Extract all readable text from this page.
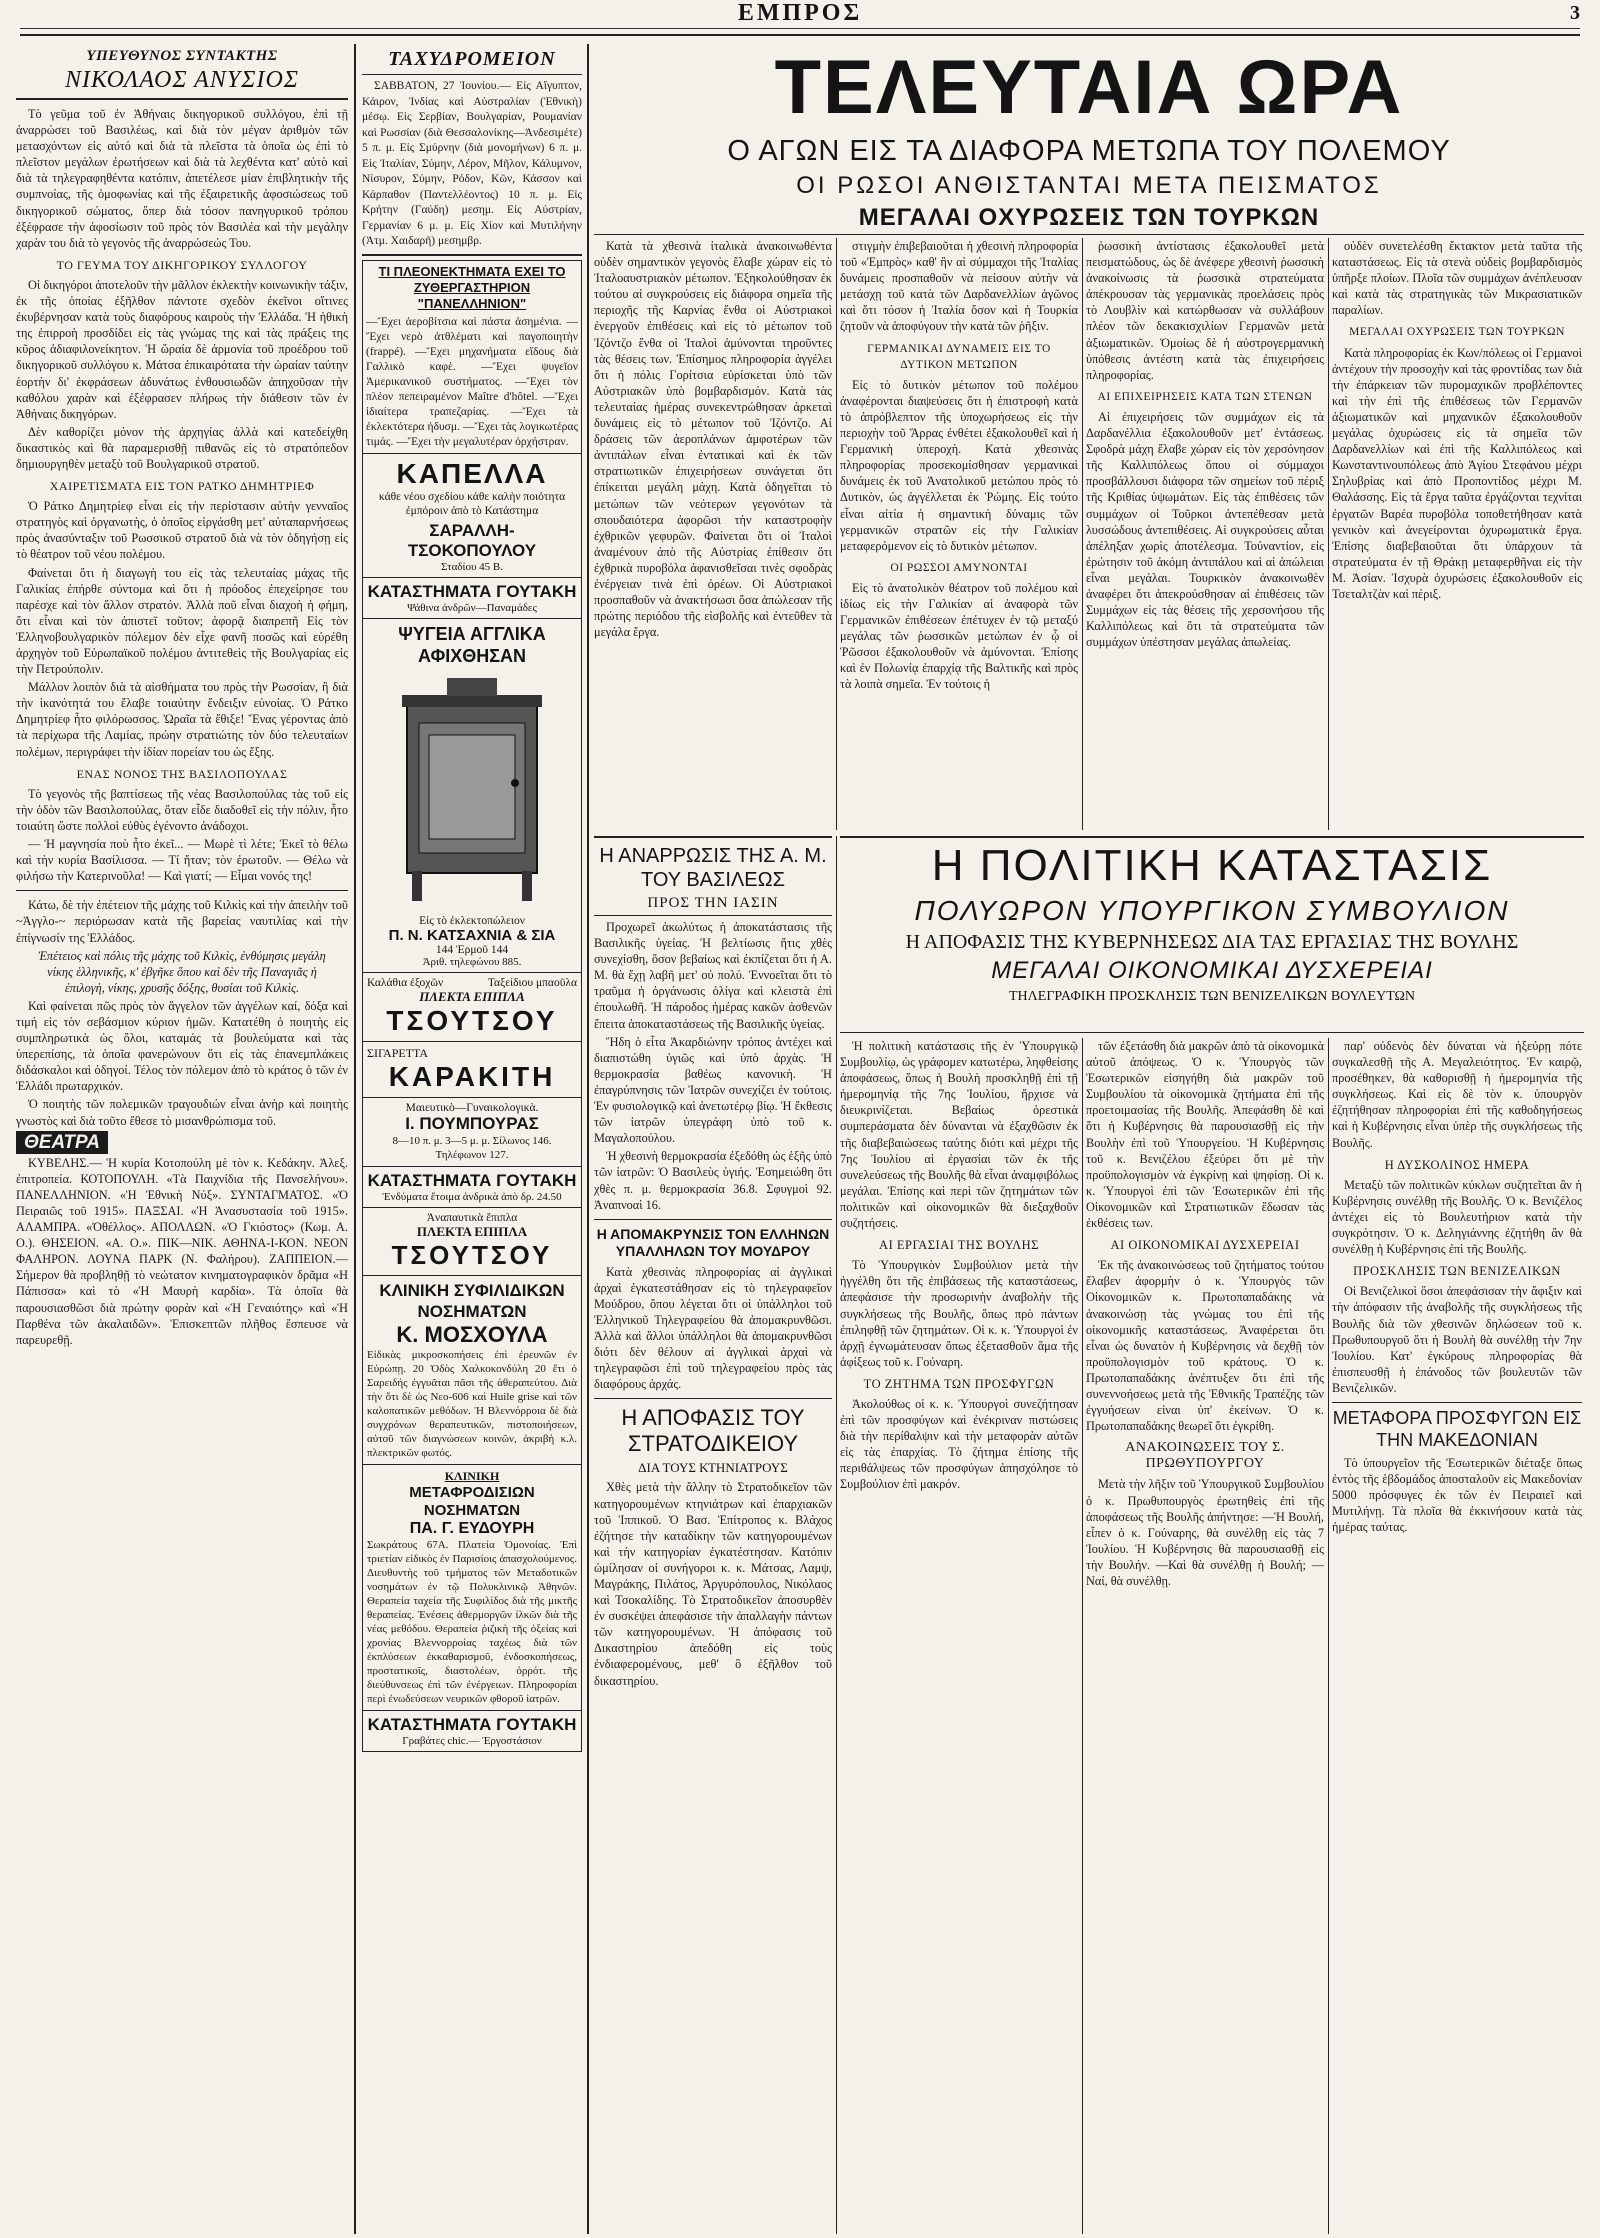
ΕΜΠΡΟΣ	3
ΥΠΕΥΘΥΝΟΣ ΣΥΝΤΑΚΤΗΣ
ΝΙΚΟΛΑΟΣ ΑΝΥΣΙΟΣ

Τὸ γεῦμα τοῦ ἐν Ἀθήναις δικηγορικοῦ συλλόγου, ἐπὶ τῇ ἀναρρώσει τοῦ Βασιλέως, καὶ διὰ τὸν μέγαν ἀριθμὸν τῶν μετασχόντων εἰς αὐτό καὶ διὰ τὰ πλεῖστα τὰ ὁποῖα ὡς ἐπὶ τὸ πλεῖστον μεγάλων ἐρωτήσεων καὶ διὰ τὰ λεχθέντα κατ' αὐτὸ καὶ διὰ τὰ τηλεγραφηθέντα κατόπιν, ἀπετέλεσε μίαν ἐπιβλητικὴν τῆς συμπνοίας, τῆς ὁμοφωνίας καὶ τῆς ἐξαιρετικῆς ἀφοσιώσεως τοῦ δικηγορικοῦ σώματος, ὅπερ διὰ τόσον πανηγυρικοῦ τρόπου ἐξέφρασε τὴν ἀφοσίωσιν τοῦ πρὸς τὸν Βασιλέα καὶ τὴν μεγάλην χαρὰν του διὰ τὸ γεγονὸς τῆς ἀναρρώσεώς Του.

ΤΟ ΓΕΥΜΑ ΤΟΥ ΔΙΚΗΓΟΡΙΚΟΥ ΣΥΛΛΟΓΟΥ

Οἱ δικηγόροι ἀποτελοῦν τὴν μᾶλλον ἐκλεκτὴν κοινωνικὴν τάξιν, ἐκ τῆς ὁποίας ἐξῆλθον πάντοτε σχεδὸν ἐκεῖνοι οἵτινες ἐκυβέρνησαν κατὰ τοὺς διαφόρους καιροὺς τὴν Ἑλλάδα. Ἡ ἠθικὴ της ἐπιρροὴ προσδίδει εἰς τὰς γνώμας της καὶ τὰς πράξεις της κῦρος ἀδιαφιλονείκητον. Ἡ ὥραία δὲ ἀρμονία τοῦ προέδρου τοῦ δικηγορικοῦ συλλόγου κ. Μάτσα ἐπικαιρότατα τὴν ὡραίαν ταύτην ἑορτὴν δι' ἐκφράσεων ἀδυνάτως ἐνθουσιωδῶν ἀπηχοῦσαν τὴν καθόλου χαρὰν καὶ ἐξέφρασεν πλήρως τὴν διάθεσιν τῶν ἐν Ἀθήναις δικηγόρων.

Δὲν καθορίζει μόνον τὴς ἀρχηγίας ἀλλὰ καὶ κατεδείχθη δικαστικὸς καὶ θὰ παραμερισθῇ πιθανῶς εἰς τὸ στρατόπεδον δημιουργηθὲν μεταξὺ τοῦ Βουλγαρικοῦ στρατοῦ.

ΧΑΙΡΕΤΙΣΜΑΤΑ ΕΙΣ ΤΟΝ ΡΑΤΚΟ ΔΗΜΗΤΡΙΕΦ

Ὁ Ράτκο Δημητρίεφ εἶναι εἰς τὴν περίστασιν αὐτὴν γενναῖος στρατηγὸς καὶ ὀργανωτὴς, ὁ ὁποῖος εἰργάσθη μετ' αὐταπαρνήσεως πρὸς ἀνασύνταξιν τοῦ Ρωσσικοῦ στρατοῦ διὰ νὰ τὸν ὁδηγήσῃ εἰς τὸ θέατρον τοῦ νέου πολέμου.

Φαίνεται ὅτι ἡ διαγωγὴ του εἰς τὰς τελευταίας μάχας τῆς Γαλικίας ἐπήρθε σύντομα καὶ ὅτι ἡ πρόοδος ἐπεχείρησε του παρέσχε καὶ τὸν ἄλλον στρατόν. Ἀλλὰ ποῦ εἶναι διαχοὴ ἡ φήμη, ὅτι εἶναι καὶ τὸν ἀπιστεῖ τοῦτον; ἀφορᾷ διαπρεπῆ Εἰς τὸν Ἑλληνοβουλγαρικὸν πόλεμον δὲν εἶχε φανῆ ποσῶς καὶ εὑρέθη ἀρχηγὸν τοῦ Εὐρωπαϊκοῦ πολέμου ἀντιτεθεὶς τῆς Βουλγαρίας εἰς τὴν Πετρούπολιν.

Μάλλον λοιπὸν διὰ τὰ αἰσθήματα του πρὸς τὴν Ρωσσίαν, ἢ διὰ τὴν ἱκανότητά του ἔλαβε τοιαύτην ἔνδειξιν εὐνοίας. Ὁ Ράτκο Δημητρίεφ ἦτο φιλόρωσσος. Ὡραῖα τὰ ἔθιξε! Ἕνας γέροντας ἀπὸ τὰ περίχωρα τῆς Λαμίας, πρώην στρατιώτης τὸν δύο τελευταίων πολέμων, περιγράφει τὴν ἰδίαν πορείαν του ὡς ἔξης.

ΕΝΑΣ ΝΟΝΟΣ ΤΗΣ ΒΑΣΙΛΟΠΟΥΛΑΣ

Τὸ γεγονὸς τῆς βαπτίσεως τῆς νέας Βασιλοπούλας τὰς τοῦ εἰς τὴν ὁδὸν τῶν Βασιλοπούλας, ὅταν εἶδε διαδοθεῖ εἰς τὴν πόλιν, ἦτο τοιαύτη ὥστε πολλοὶ εὐθὺς ἐγένοντο ἀνάδοχοι.

— Ἡ μαγνησία ποὺ ἦτο ἐκεῖ... — Μωρὲ τὶ λέτε; Ἐκεῖ τὸ θέλω καὶ τὴν κυρία Βασίλισσα. — Τί ἤταν; τὸν ἐρωτοῦν. — Θέλω νὰ φιλήσω τὴν Κατερινοῦλα! — Καὶ γιατί; — Εἶμαι νονός της!

Κάτω, δὲ τὴν ἐπέτειον τῆς μάχης τοῦ Κιλκὶς καὶ τὴν ἀπειλὴν τοῦ ~Ἀγγλο-~ περιόρωσαν κατὰ τῆς βαρείας ναυτιλίας καὶ τὴν ἐπίγνωσίν της Ἑλλάδος.

Ἐπέτειος καὶ πόλις τῆς μάχης τοῦ Κιλκὶς, ἐνθύμησις μεγάλη νίκης ἑλληνικῆς, κ' ἐβγῆκε ὅπου καὶ δὲν τῆς Παναγιᾶς ἡ ἐπιλογὴ, νίκης, χρυσῆς δόξης, θυσίαι τοῦ Κιλκὶς.

Καὶ φαίνεται πῶς πρὸς τὸν ἄγγελον τῶν ἀγγέλων καί, δόξα καὶ τιμή εἰς τὸν σεβάσμιον κύριον ἡμῶν. Κατατέθη ὁ ποιητὴς εἰς συμπληρωτικὰ ὡς ὅλοι, καταμάς τὰ βουλεύματα καὶ τὰς ὑπερεπίσης, τὰ ὁποῖα φανερώνουν ὅτι εἰς τὰς ἐπανεμπλάκεις διδάσκαλοι καὶ ὁδηγοί. Τέλος τὸν πόλεμον ἀπὸ τὸ κράτος ὁ τῶν ἐν Ἑλλάδι πρωταρχικόν.

Ὁ ποιητὴς τῶν πολεμικῶν τραγουδιών εἶναι ἀνὴρ καὶ ποιητὴς γνωστὸς καὶ διὰ τοῦτο ἔθεσε τὸ μισανθρώπισμα τοῦ.

ΘΕΑΤΡΑ

ΚΥΒΕΛΗΣ.— Ἡ κυρία Κοτοπούλη μὲ τὸν κ. Κεδάκην. Ἀλεξ. ἐπιτροπεία. ΚΟΤΟΠΟΥΛΗ. «Τὰ Παιχνίδια τῆς Πανσελήνου». ΠΑΝΕΛΛΗΝΙΟΝ. «Ἡ Ἐθνικὴ Νύξ». ΣΥΝΤΑΓΜΑΤΟΣ. «Ὁ Πειραιῶς τοῦ 1915». ΠΑΞΣΑΙ. «Ἡ Ἀνασυστασία τοῦ 1915». ΑΛΑΜΠΡΑ. «Ὀθέλλος». ΑΠΟΛΛΩΝ. «Ὁ Γκιόστος» (Κωμ. Α. Ο.). ΘΗΣΕΙΟΝ. «Α. Ο.». ΠΙΚ—ΝΙΚ. ΑΘΗΝΑ-Ι-ΚΟΝ. ΝΕΟΝ ΦΑΛΗΡΟΝ. ΛΟΥΝΑ ΠΑΡΚ (Ν. Φαλήρου). ΖΑΠΠΕΙΟΝ.— Σήμερον θὰ προβληθῇ τὸ νεώτατον κινηματογραφικὸν δρᾶμα «Η Πάπισσα» καὶ τὸ «Ἡ Μαυρὴ καρδία». Τὰ ὁποῖα θὰ παρουσιασθῶσι διὰ πρώτην φορὰν καὶ «Ἡ Γεναιότης» καὶ «Ἡ Παρθένα τῶν ἀκαλαιδῶν». Ἐπισκεπτῶν πλῆθος ἔσπευσε νὰ παρευρεθῇ.

ΤΑΧΥΔΡΟΜΕΙΟΝ

ΣΑΒΒΑΤΟΝ, 27 Ἰουνίου.— Εἰς Αἴγυπτον, Κάιρον, Ἰνδίας καὶ Αὐστραλίαν (Ἐθνικὴ) μέσῳ. Εἰς Σερβίαν, Βουλγαρίαν, Ρουμανίαν καὶ Ρωσσίαν (διὰ Θεσσαλονίκης—Ἀνδεσιμέτε) 5 π. μ. Εἰς Σμύρνην (διὰ μονομήνων) 6 π. μ. Εἰς Ἰταλίαν, Σύμην, Λέρον, Μῆλον, Κάλυμνον, Νίσυρον, Σύμην, Ρόδον, Κῶν, Κάσσον καὶ Κάρπαθον (Παντελλέοντος) 10 π. μ. Εἰς Κρήτην (Γαύδη) μεσημ. Εἰς Αὐστρίαν, Γερμανίαν 6 μ. μ. Εἰς Χίον καὶ Μυτιλήνην (Ἀτμ. Χαιδαρῆ) μεσημβρ.

ΤΙ ΠΛΕΟΝΕΚΤΗΜΑΤΑ ΕΧΕΙ ΤΟ ΖΥΘΕΡΓΑΣΤΗΡΙΟΝ "ΠΑΝΕΛΛΗΝΙΟΝ"
—Ἔχει ἀεροβίτσια καὶ πάστα ἀσημένια. —Ἔχει νερὸ ἀτθλέματι καὶ παγοποιητὴν (frappé). —Ἔχει μηχανήματα εἴδους διὰ Γαλλικὸ καφὲ. —Ἔχει ψυγεῖον Ἀμερικανικοῦ συστήματος. —Ἔχει τὸν πλέον πεπειραμένον Maître d'hôtel. —Ἔχει ἰδιαίτερα τραπεζαρίας. —Ἔχει τὰ ἐκλεκτότερα ἡδυσμ. —Ἔχει τὰς λογικωτέρας τιμάς. —Ἔχει τὴν μεγαλυτέραν ὀρχήστραν.
ΚΑΠΕΛΛΑ
κάθε νέου σχεδίου κάθε καλὴν ποιότητα ἐμπόροιν ἀπὸ τὸ Κατάστημα
ΣΑΡΑΛΛΗ-ΤΣΟΚΟΠΟΥΛΟΥ
Σταδίου 45 Β.
ΚΑΤΑΣΤΗΜΑΤΑ ΓΟΥΤΑΚΗ
Ψάθινα ἀνδρῶν—Παναμάδες
ΨΥΓΕΙΑ ΑΓΓΛΙΚΑ ΑΦΙΧΘΗΣΑΝ
Εἰς τὸ ἐκλεκτοπώλειον
Π. Ν. ΚΑΤΣΑΧΝΙΑ & ΣΙΑ
144 Ἑρμοῦ 144
Ἀριθ. τηλεφώνου 885.
Καλάθια ἐξοχῶν	Ταξείδιου μπαοῦλα
ΠΛΕΚΤΑ ΕΠΙΠΛΑ
ΤΣΟΥΤΣΟΥ
ΣΙΓΑΡΕΤΤΑ
ΚΑΡΑΚΙΤΗ
Μαιευτικὸ—Γυναικολογικὰ.
Ι. ΠΟΥΜΠΟΥΡΑΣ
8—10 π. μ. 3—5 μ. μ. Σίλωνος 146. Τηλέφωνον 127.
ΚΑΤΑΣΤΗΜΑΤΑ ΓΟΥΤΑΚΗ
Ἐνδύματα ἔτοιμα ἀνδρικὰ ἀπὸ δρ. 24.50
Ἀναπαυτικὰ ἔπιπλα
ΠΛΕΚΤΑ ΕΠΙΠΛΑ
ΤΣΟΥΤΣΟΥ
ΚΛΙΝΙΚΗ ΣΥΦΙΛΙΔΙΚΩΝ ΝΟΣΗΜΑΤΩΝ
Κ. ΜΟΣΧΟΥΛΑ
Εἰδικὰς μικροσκοπήσεις ἐπὶ ἐρευνῶν ἐν Εὐρώπῃ. 20 Ὁδὸς Χαλκοκονδύλη 20 ἔτι ὁ Σαρειδής ἐγγυᾶται πᾶσι τῆς ἀθεραπεύτου. Διὰ τὴν ὅτι δὲ ὡς Νεο-606 καὶ Huile grise καὶ τῶν καλοπατικῶν μεθόδων. Ἡ Βλεννόρροια δὲ διὰ συγχρόνων θεραπευτικῶν, πιστοποιήσεων, αὐτοῦ τῶν διαγνώσεων κοινῶν, ἀκριβὴ κ.λ. πλεκτρικῶν φωτός.
ΚΛΙΝΙΚΗ
ΜΕΤΑΦΡΟΔΙΣΙΩΝ ΝΟΣΗΜΑΤΩΝ
ΠΑ. Γ. ΕΥΔΟΥΡΗ
Σωκράτους 67Α. Πλατεία Ὁμονοίας. Ἐπὶ τριετίαν εἰδικὸς ἐν Παρισίοις ἀπασχολούμενος. Διευθυντὴς τοῦ τμήματος τῶν Μεταδοτικῶν νοσημάτων ἐν τῷ Πολυκλινικῷ Ἀθηνῶν. Θεραπεία ταχεία τῆς Συφιλίδος διὰ τῆς μικτῆς θεραπείας. Ἐνέσεις ἀθερμοργῶν ἰλκῶν διὰ τῆς νέας μεθόδου. Θεραπεία ῥιζικὴ τῆς ὀξείας καὶ χρονίας Βλεννορροίας ταχέως διὰ τῶν ἐκπλύσεων ἐκκαθαρισμοῦ, ἐνδοσκοπήσεως, προστατικοῖς, διαστολέων, ὀρρότ. τῆς διεύθυνσεως ἐπὶ τῶν ἐνέργειων. Πληροφορίαι περὶ ἐνωδεύσεων νευρικῶν φθοροῦ ἰατρῶν.
ΚΑΤΑΣΤΗΜΑΤΑ ΓΟΥΤΑΚΗ
Γραβάτες chic.— Ἐργοστάσιον
ΤΕΛΕΥΤΑΙΑ ΩΡΑ
Ο ΑΓΩΝ ΕΙΣ ΤΑ ΔΙΑΦΟΡΑ ΜΕΤΩΠΑ ΤΟΥ ΠΟΛΕΜΟΥ
ΟΙ ΡΩΣΟΙ ΑΝΘΙΣΤΑΝΤΑΙ ΜΕΤΑ ΠΕΙΣΜΑΤΟΣ
ΜΕΓΑΛΑΙ ΟΧΥΡΩΣΕΙΣ ΤΩΝ ΤΟΥΡΚΩΝ

Κατὰ τὰ χθεσινὰ ἰταλικὰ ἀνακοινωθέντα οὐδὲν σημαντικὸν γεγονὸς ἔλαβε χώραν εἰς τὸ Ἰταλοαυστριακὸν μέτωπον. Ἐξηκολούθησαν ἐκ τούτου αἱ συγκρούσεις εἰς διάφορα σημεῖα τῆς περιοχῆς τῆς Καρνίας ἔνθα οἱ Αὐστριακοὶ ἐνεργοῦν ἐπιθέσεις καὶ εἰς τὸ μέτωπον τοῦ Ἰζόντζο ἔνθα οἱ Ἰταλοὶ ἀμύνονται τηροῦντες τὰς θέσεις των. Ἐπίσημος πληροφορία ἀγγέλει ὅτι ἡ πόλις Γορίτσια εὑρίσκεται ὑπὸ τῶν Αὐστριακῶν ὑπὸ βομβαρδισμόν. Κατὰ τὰς τελευταίας ἡμέρας συνεκεντρώθησαν ἀρκεταὶ δυνάμεις εἰς τὸ μέτωπον τοῦ Ἰζόντζο. Αἱ δράσεις τῶν ἀεροπλάνων ἀμφοτέρων τῶν ἀντιπάλων εἶναι ἐντατικαὶ καὶ ἐκ τῶν στρατιωτικῶν ἐπιχειρήσεων συνάγεται ὅτι ἐπίκειται μεγάλη μάχη. Κατὰ ὁδηγεῖται τὸ μετώπων τῶν νεότερων γεγονότων τὰ σπουδαιότερα ἀφορῶσι τὴν καταστροφὴν ἐχθρικῶν γεφυρῶν. Φαίνεται ὅτι οἱ Ἰταλοὶ ἀναμένουν ἀπὸ τῆς Αὐστρίας ἐπίθεσιν ὅτι ἐχθρικὰ πυροβόλα ἀφανισθεῖσαι τινὲς σφοδρὰς ἐνέργειαν τινὰ ἐπὶ ὀρέων. Οἱ Αὐστριακοὶ προσπαθοῦν νὰ ἀνακτήσωσι ὅσα ἀπώλεσαν τῆς πρώτης περιόδου τῆς εἰσβολῆς καὶ ἐντεῦθεν τὰ μεγάλα ἔργα.

στιγμὴν ἐπιβεβαιοῦται ἡ χθεσινὴ πληροφορία τοῦ «Ἐμπρὸς» καθ' ἣν αἱ σύμμαχοι τῆς Ἰταλίας δυνάμεις προσπαθοῦν νὰ πείσουν αὐτὴν νὰ μετάσχῃ τοῦ κατὰ τῶν Δαρδανελλίων ἀγῶνος καὶ ὅτι τόσον ἡ Ἰταλία ὅσον καὶ ἡ Τουρκία ζητοῦν νὰ ἀποφύγουν τὴν κατὰ τῶν ῥῆξιν.

ΓΕΡΜΑΝΙΚΑΙ ΔΥΝΑΜΕΙΣ ΕΙΣ ΤΟ ΔΥΤΙΚΟΝ ΜΕΤΩΠΟΝ

Εἰς τὸ δυτικὸν μέτωπον τοῦ πολέμου ἀναφέρονται διαψεύσεις ὅτι ἡ ἐπιστροφὴ κατὰ τὸ ἀπρόβλεπτον τῆς ὑποχωρήσεως εἰς τὴν περιοχὴν τοῦ Ἄρρας ἐνθέτει ἐξακολουθεῖ καὶ ἡ Γερμανικὴ ὑπεροχὴ. Κατὰ χθεσινὰς πληροφορίας προσεκομίσθησαν γερμανικαὶ δυνάμεις ἐκ τοῦ Ἀνατολικοῦ μετώπου πρὸς τὸ Δυτικὸν, ὡς ἀγγέλλεται ἐκ Ῥώμης. Εἰς τούτο εἶναι αἰτία ἡ σημαντικὴ δύναμις τῶν γερμανικῶν στρατῶν εἰς τὴν Γαλικίαν μεταφερόμενον εἰς τὸ δυτικὸν μέτωπον.

ΟΙ ΡΩΣΣΟΙ ΑΜΥΝΟΝΤΑΙ

Εἰς τὸ ἀνατολικὸν θέατρον τοῦ πολέμου καὶ ἰδίως εἰς τὴν Γαλικίαν αἱ ἀναφορὰ τῶν Γερμανικῶν ἐπιθέσεων ἐπέτυχεν ἐν τῷ μεταξύ μεγάλας τῶν ῥωσσικῶν μετώπων ἐν ᾧ οἱ Ῥῶσσοι ἐξακολουθοῦν νὰ ἀμύνονται. Ἐπίσης καὶ ἐν Πολωνίᾳ ἐπαρχίᾳ τῆς Βαλτικῆς καὶ πρὸς τὰ λοιπὰ σημεῖα. Ἐν τούτοις ἡ

ῥωσσικὴ ἀντίστασις ἐξακολουθεῖ μετὰ πεισματώδους, ὡς δὲ ἀνέφερε χθεσινὴ ῥωσσικὴ ἀνακοίνωσις τὰ ῥωσσικὰ στρατεύματα ἀπέκρουσαν τὰς γερμανικὰς προελάσεις πρὸς τὸ Λουβλὶν καὶ κατώρθωσαν νὰ συλλάβουν πλέον τῶν δεκακισχιλίων Γερμανῶν μετὰ ἀξιωματικῶν. Ὁμοίως δὲ ἡ αὐστρογερμανικὴ ὑπόθεσις ἀντέστη κατὰ τὰς ἐπιχειρήσεις πληροφορίας.

ΑΙ ΕΠΙΧΕΙΡΗΣΕΙΣ ΚΑΤΑ ΤΩΝ ΣΤΕΝΩΝ

Αἱ ἐπιχειρήσεις τῶν συμμάχων εἰς τὰ Δαρδανέλλια ἐξακολουθοῦν μετ' ἐντάσεως. Σφοδρὰ μάχη ἔλαβε χώραν εἰς τὸν χερσόνησον τῆς Καλλιπόλεως ὅπου οἱ σύμμαχοι προσβάλλουσι διάφορα τῶν σημείων τοῦ πέριξ τῆς Κριθίας ὑψωμάτων. Εἰς τὰς ἐπιθέσεις τῶν συμμάχων οἱ Τοῦρκοι ἀντεπέθεσαν μετὰ λυσσώδους ἀντεπιθέσεις. Αἱ συγκρούσεις αὗται ἀπέληξαν χωρὶς ἀποτέλεσμα. Τοὐναντίον, εἰς ἐρώτησιν τοῦ ἀκόμη ἀντιπάλου καὶ αἱ ἀπώλειαι εἶναι μεγάλαι. Τουρκικὸν ἀνακοινωθὲν ἀναφέρει ὅτι ἀπεκρούσθησαν αἱ ἐπιθέσεις τῶν Συμμάχων εἰς τὰς θέσεις τῆς χερσονήσου τῆς Καλλιπόλεως καὶ ὅτι τὰ στρατεύματα τῶν συμμάχων ὑπέστησαν μεγάλας ἀπωλείας.

οὐδὲν συνετελέσθη ἔκτακτον μετὰ ταῦτα τῆς καταστάσεως. Εἰς τὰ στενὰ οὐδεὶς βομβαρδισμὸς ὑπῆρξε πλοίων. Πλοῖα τῶν συμμάχων ἀνέπλευσαν καὶ κατὰ τὰς στρατηγικὰς τῶν Μικρασιατικῶν παραλίων.

ΜΕΓΑΛΑΙ ΟΧΥΡΩΣΕΙΣ ΤΩΝ ΤΟΥΡΚΩΝ

Κατὰ πληροφορίας ἐκ Κων/πόλεως οἱ Γερμανοὶ ἀντέχουν τὴν προσοχὴν καὶ τὰς φροντίδας των διὰ τὴν ἐπάρκειαν τῶν πυρομαχικῶν προβλέποντες καὶ τὴν ἐπὶ τῆς ἐπιθέσεως τῶν Γερμανῶν ἀξιωματικῶν καὶ μηχανικῶν ἐξακολουθοῦν μεγάλας ὀχυρώσεις εἰς τὰ σημεῖα τῶν Δαρδανελλίων καὶ ἐπὶ τῆς Καλλιπόλεως καὶ Κωνσταντινουπόλεως ἀπὸ Ἁγίου Στεφάνου μέχρι Σηλυβρίας καὶ ἀπὸ Προποντίδος μέχρι Μ. Θαλάσσης. Εἰς τὰ ἔργα ταῦτα ἐργάζονται τεχνίται ἐργατῶν Βαρέα πυροβόλα τοποθετήθησαν κατὰ γενικὸν καὶ ἀνεγείρονται ὀχυρωματικὰ ἔργα. Ἐπίσης διαβεβαιοῦται ὅτι ὑπάρχουν τὰ στρατεύματα ἐν τῇ Θράκῃ μεταφερθῆναι εἰς τὴν Μ. Ἀσίαν. Ἰσχυρὰ ὀχυρώσεις ἐξακολουθοῦν εἰς Τσεταλτζὰν καὶ πέριξ.

Η ΑΝΑΡΡΩΣΙΣ ΤΗΣ Α. Μ. ΤΟΥ ΒΑΣΙΛΕΩΣ
ΠΡΟΣ ΤΗΝ ΙΑΣΙΝ

Προχωρεῖ ἀκωλύτως ἡ ἀποκατάστασις τῆς Βασιλικῆς ὑγείας. Ἡ βελτίωσις ἥτις χθὲς συνεχίσθη, ὅσον βεβαίως καὶ ἐκπίζεται ὅτι ἡ Α. Μ. θὰ ἔχῃ λαβῆ μετ' οὐ πολύ. Ἐννοεῖται ὅτι τὸ τραῦμα ἡ ὀργάνωσις ὀλίγα καὶ κλειστὰ ἐπὶ ἐπουλωθῆ. Ἡ πάροδος ἡμέρας κακῶν ἀσθενῶν ἔπειτα ἀποκαταστάσεως τῆς Βασιλικῆς ὑγείας.

Ἥδη ὁ εἶτα Ἀκαρδιώνην τρόπος ἀντέχει καὶ διαπιστώθη ὑγιῶς καὶ ὑπὸ ἀρχὰς. Ἡ θερμοκρασία βαθέως κανονικὴ. Ἡ ἐπαγρύπνησις τῶν Ἰατρῶν συνεχίζει ἐν τούτοις. Ἐν φυσιολογικῷ καὶ ἀνετωτέρῳ βίῳ. Ἡ ἔκθεσις τῶν ἰατρῶν ὑπεγράφη ὑπὸ τοῦ κ. Μαγαλοπούλου.

Ἡ χθεσινὴ θερμοκρασία ἐξεδόθη ὡς ἑξῆς ὑπὸ τῶν ἰατρῶν: Ὁ Βασιλεὺς ὑγιής. Ἐσημειώθη ὅτι χθὲς π. μ. θερμοκρασία 36.8. Σφυγμοὶ 92. Ἀναπνοαὶ 16.

Η ΑΠΟΜΑΚΡΥΝΣΙΣ ΤΟΝ ΕΛΛΗΝΩΝ ΥΠΑΛΛΗΛΩΝ ΤΟΥ ΜΟΥΔΡΟΥ

Κατὰ χθεσινὰς πληροφορίας αἱ ἀγγλικαὶ ἀρχαὶ ἐγκατεστάθησαν εἰς τὸ τηλεγραφεῖον Μούδρου, ὅπου λέγεται ὅτι οἱ ὑπάλληλοι τοῦ Ἑλληνικοῦ Τηλεγραφείου θὰ ἀπομακρυνθῶσι. Ἀλλὰ καὶ ἄλλοι ὑπάλληλοι θὰ ἀπομακρυνθῶσι διότι δὲν θέλουν αἱ ἀγγλικαὶ ἀρχαὶ νὰ τηλεγραφῶσι ἐπὶ τοῦ τηλεγραφείου πρὸς τὰς διαφόρους ἀρχάς.

Η ΑΠΟΦΑΣΙΣ ΤΟΥ ΣΤΡΑΤΟΔΙΚΕΙΟΥ
ΔΙΑ ΤΟΥΣ ΚΤΗΝΙΑΤΡΟΥΣ

Χθὲς μετὰ τὴν ἄλλην τὸ Στρατοδικεῖον τῶν κατηγορουμένων κτηνιάτρων καὶ ἐπαρχιακῶν τοῦ Ἱππικοῦ. Ὁ Βασ. Ἐπίτροπος κ. Βλάχος ἐζήτησε τὴν καταδίκην τῶν κατηγορουμένων καὶ τὴν κατηγορίαν ἐγκατέστησαν. Κατόπιν ὡμίλησαν οἱ συνήγοροι κ. κ. Μάτσας, Λαμψ, Μαγράκης, Πιλάτος, Ἀργυρόπουλος, Νικόλαος καὶ Τσοκαλίδης. Τὸ Στρατοδικεῖον ἀποσυρθὲν ἐν συσκέψει ἀπεφάσισε τὴν ἀπαλλαγὴν πάντων τῶν κατηγορουμένων. Ἡ ἀπόφασις τοῦ Δικαστηρίου ἀπεδόθη εἰς τοὺς ἐνδιαφερομένους, μεθ' ὃ ἐξῆλθον τοῦ δικαστηρίου.

Η ΠΟΛΙΤΙΚΗ ΚΑΤΑΣΤΑΣΙΣ
ΠΟΛΥΩΡΟΝ ΥΠΟΥΡΓΙΚΟΝ ΣΥΜΒΟΥΛΙΟΝ
Η ΑΠΟΦΑΣΙΣ ΤΗΣ ΚΥΒΕΡΝΗΣΕΩΣ ΔΙΑ ΤΑΣ ΕΡΓΑΣΙΑΣ ΤΗΣ ΒΟΥΛΗΣ
ΜΕΓΑΛΑΙ ΟΙΚΟΝΟΜΙΚΑΙ ΔΥΣΧΕΡΕΙΑΙ
ΤΗΛΕΓΡΑΦΙΚΗ ΠΡΟΣΚΛΗΣΙΣ ΤΩΝ ΒΕΝΙΖΕΛΙΚΩΝ ΒΟΥΛΕΥΤΩΝ

Ἡ πολιτικὴ κατάστασις τῆς ἐν Ὑπουργικῷ Συμβουλίῳ, ὡς γράφομεν κατωτέρω, ληφθείσης ἀποφάσεως, ὅπως ἡ Βουλὴ προσκληθῇ ἐπὶ τῇ ἡμερομηνίᾳ τῆς 7ης Ἰουλίου, ἤρχισε νὰ διευκρινίζεται. Βεβαίως ὀρεστικὰ συμπεράσματα δὲν δύνανται νὰ ἐξαχθῶσιν ἐκ τῆς διαβεβαιώσεως ταύτης διότι καὶ μέχρι τῆς 7ης Ἰουλίου αἱ ἐργασίαι τῶν ἐκ τῆς συνελεύσεως τῆς Βουλῆς θὰ εἶναι ἀναμφιβόλως μεγάλαι. Ἐπίσης καὶ περὶ τῶν ζητημάτων τῶν πολιτικῶν καὶ οἰκονομικῶν θὰ διεξαχθοῦν συζητήσεις.

ΑΙ ΕΡΓΑΣΙΑΙ ΤΗΣ ΒΟΥΛΗΣ

Τὸ Ὑπουργικὸν Συμβούλιον μετὰ τὴν ἠγγέλθη ὅτι τῆς ἐπιβάσεως τῆς καταστάσεως, ἀπεφάσισε τὴν προσωρινὴν ἀναβολὴν τῆς συγκλήσεως τῆς Βουλῆς, ὅπως πρὸ πάντων ἐπιληφθῇ τῶν ζητημάτων. Οἱ κ. κ. Ὑπουργοὶ ἐν ἀρχῇ ἐγνωμάτευσαν ὅπως ἐξετασθοῦν ἅμα τῆς ἀφίξεως τοῦ κ. Γούναρη.

ΤΟ ΖΗΤΗΜΑ ΤΩΝ ΠΡΟΣΦΥΓΩΝ

Ἀκολούθως οἱ κ. κ. Ὑπουργοὶ συνεζήτησαν ἐπὶ τῶν προσφύγων καὶ ἐνέκριναν πιστώσεις διὰ τὴν περίθαλψιν καὶ τὴν μεταφορὰν αὐτῶν εἰς τὰς ἐπαρχίας. Τὸ ζήτημα ἐπίσης τῆς περιθάλψεως τῶν προσφύγων ἀπησχόλησε τὸ Συμβούλιον ἐπὶ μακρόν.

τῶν ἐξετάσθη διὰ μακρῶν ἀπὸ τὰ οἰκονομικὰ αὐτοῦ ἀπόψεως. Ὁ κ. Ὑπουργὸς τῶν Ἐσωτερικῶν εἰσηγήθη διὰ μακρῶν τοῦ Συμβουλίου τὰ οἰκονομικὰ ζητήματα ἐπὶ τῆς προετοιμασίας τῆς Βουλῆς. Ἀπεφάσθη δὲ καὶ ὅτι ἡ Κυβέρνησις θὰ παρουσιασθῇ εἰς τὴν Βουλὴν ἐπὶ τοῦ Ὑπουργείου. Ἡ Κυβέρνησις τοῦ κ. Βενιζέλου ἐξεύρει ὅτι μὲ τὴν προϋπολογισμὸν νὰ ἐγκρίνῃ καὶ ψηφίσῃ. Οἱ κ. κ. Ὑπουργοὶ ἐπὶ τῶν Ἐσωτερικῶν ἐπὶ τῆς Οἰκονομικῶν καὶ Στρατιωτικῶν ἔδωσαν τὰς ἐκθέσεις των.

ΑΙ ΟΙΚΟΝΟΜΙΚΑΙ ΔΥΣΧΕΡΕΙΑΙ

Ἐκ τῆς ἀνακοινώσεως τοῦ ζητήματος τούτου ἔλαβεν ἀφορμὴν ὁ κ. Ὑπουργὸς τῶν Οἰκονομικῶν κ. Πρωτοπαπαδάκης νὰ ἀνακοινώσῃ τὰς γνώμας του ἐπὶ τῆς οἰκονομικῆς καταστάσεως. Ἀναφέρεται ὅτι εἶναι ὡς δυνατὸν ἡ Κυβέρνησις νὰ δεχθῇ τὸν προϋπολογισμὸν τοῦ κράτους. Ὁ κ. Πρωτοπαπαδάκης ἀνέπτυξεν ὅτι ἐπὶ τῆς συνεννοήσεως μετὰ τῆς Ἐθνικῆς Τραπέζης τῶν ἐγγυήσεων εἰναι ὑπ' ἐκείνων. Ὁ κ. Πρωτοπαπαδάκης θεωρεῖ ὅτι ἐγκρίθη.

ΑΝΑΚΟΙΝΩΣΕΙΣ ΤΟΥ Σ. ΠΡΩΘΥΠΟΥΡΓΟΥ

Μετὰ τὴν λῆξιν τοῦ Ὑπουργικοῦ Συμβουλίου ὁ κ. Πρωθυπουργὸς ἐρωτηθεὶς ἐπὶ τῆς ἀποφάσεως τῆς Βουλῆς ἀπήντησε: —Ἡ Βουλή, εἶπεν ὁ κ. Γούναρης, θὰ συνέλθῃ εἰς τὰς 7 Ἰουλίου. Ἡ Κυβέρνησις θὰ παρουσιασθῇ εἰς τὴν Βουλήν. —Καὶ θὰ συνέλθῃ ἡ Βουλή; —Ναί, θὰ συνέλθῃ.

παρ' οὐδενὸς δὲν δύναται νὰ ἠξεύρῃ πότε συγκαλεσθῇ τῆς Α. Μεγαλειότητος. Ἐν καιρῷ, προσέθηκεν, θὰ καθορισθῇ ἡ ἡμερομηνία τῆς συγκλήσεως. Καὶ εἰς δὲ τὸν κ. ὑπουργὸν ἐζητήθησαν πληροφορίαι ἐπὶ τῆς καθοδηγήσεως καὶ ἡ Κυβέρνησις εἶναι ὑπὲρ τῆς συγκλήσεως τῆς Βουλῆς.

Η ΔΥΣΚΟΛΙΝΟΣ ΗΜΕΡΑ

Μεταξὺ τῶν πολιτικῶν κύκλων συζητεῖται ἂν ἡ Κυβέρνησις συνέλθῃ τῆς Βουλῆς. Ὁ κ. Βενιζέλος ἀντέχει εἰς τὸ Βουλευτήριον κατὰ τὴν συγκρότησιν. Ὁ κ. Δεληγιάννης ἐζητήθη ἂν θὰ συνέλθῃ ἡ Κυβέρνησις ἐπὶ τῆς Βουλῆς.

ΠΡΟΣΚΛΗΣΙΣ ΤΩΝ ΒΕΝΙΖΕΛΙΚΩΝ

Οἱ Βενιζελικοὶ ὅσοι ἀπεφάσισαν τὴν ἄφιξιν καὶ τὴν ἀπόφασιν τῆς ἀναβολῆς τῆς συγκλήσεως τῆς Βουλῆς διὰ τῶν χθεσινῶν δηλώσεων τοῦ κ. Πρωθυπουργοῦ ὅτι ἡ Βουλὴ θὰ συνέλθῃ τὴν 7ην Ἰουλίου. Κατ' ἐγκύρους πληροφορίας θὰ ἐπισπευσθῇ ἡ ἐπάνοδος τῶν βουλευτῶν τῶν Βενιζελικῶν.

ΜΕΤΑΦΟΡΑ ΠΡΟΣΦΥΓΩΝ ΕΙΣ ΤΗΝ ΜΑΚΕΔΟΝΙΑΝ

Τὸ ὑπουργεῖον τῆς Ἐσωτερικῶν διέταξε ὅπως ἐντὸς τῆς ἑβδομάδος ἀποσταλοῦν εἰς Μακεδονίαν 5000 πρόσφυγες ἐκ τῶν ἐν Πειραιεῖ καὶ Μυτιλήνῃ. Τὰ πλοῖα θὰ ἐκκινήσουν κατὰ τὰς ἡμέρας ταύτας.
